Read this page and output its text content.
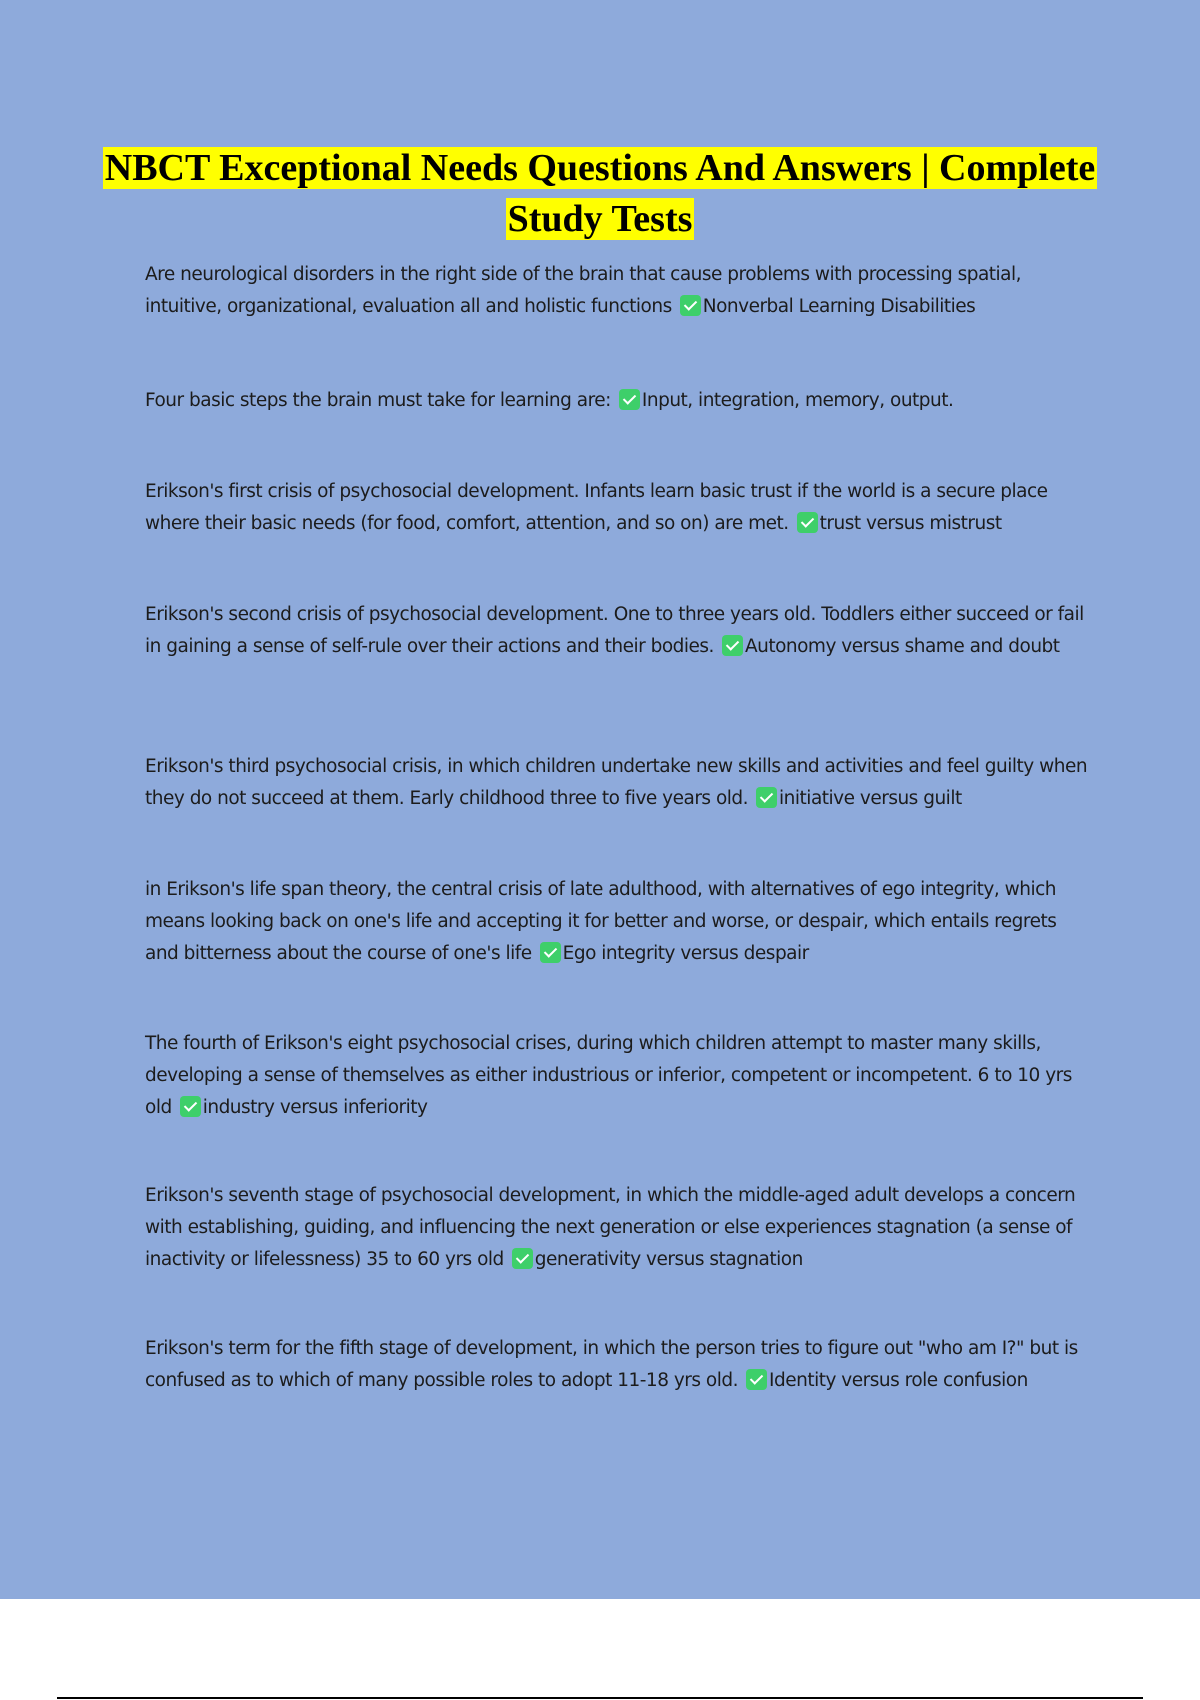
NBCT Exceptional Needs Questions And Answers | Complete Study Tests
Are neurological disorders in the right side of the brain that cause problems with processing spatial, intuitive, organizational, evaluation all and holistic functions Nonverbal Learning Disabilities
Four basic steps the brain must take for learning are: Input, integration, memory, output.
Erikson's first crisis of psychosocial development. Infants learn basic trust if the world is a secure place where their basic needs (for food, comfort, attention, and so on) are met. trust versus mistrust
Erikson's second crisis of psychosocial development. One to three years old. Toddlers either succeed or fail in gaining a sense of self-rule over their actions and their bodies. Autonomy versus shame and doubt
Erikson's third psychosocial crisis, in which children undertake new skills and activities and feel guilty when they do not succeed at them. Early childhood three to five years old. initiative versus guilt
in Erikson's life span theory, the central crisis of late adulthood, with alternatives of ego integrity, which means looking back on one's life and accepting it for better and worse, or despair, which entails regrets and bitterness about the course of one's life Ego integrity versus despair
The fourth of Erikson's eight psychosocial crises, during which children attempt to master many skills, developing a sense of themselves as either industrious or inferior, competent or incompetent. 6 to 10 yrs old industry versus inferiority
Erikson's seventh stage of psychosocial development, in which the middle-aged adult develops a concern with establishing, guiding, and influencing the next generation or else experiences stagnation (a sense of inactivity or lifelessness) 35 to 60 yrs old generativity versus stagnation
Erikson's term for the fifth stage of development, in which the person tries to figure out "who am I?" but is confused as to which of many possible roles to adopt 11-18 yrs old. Identity versus role confusion
